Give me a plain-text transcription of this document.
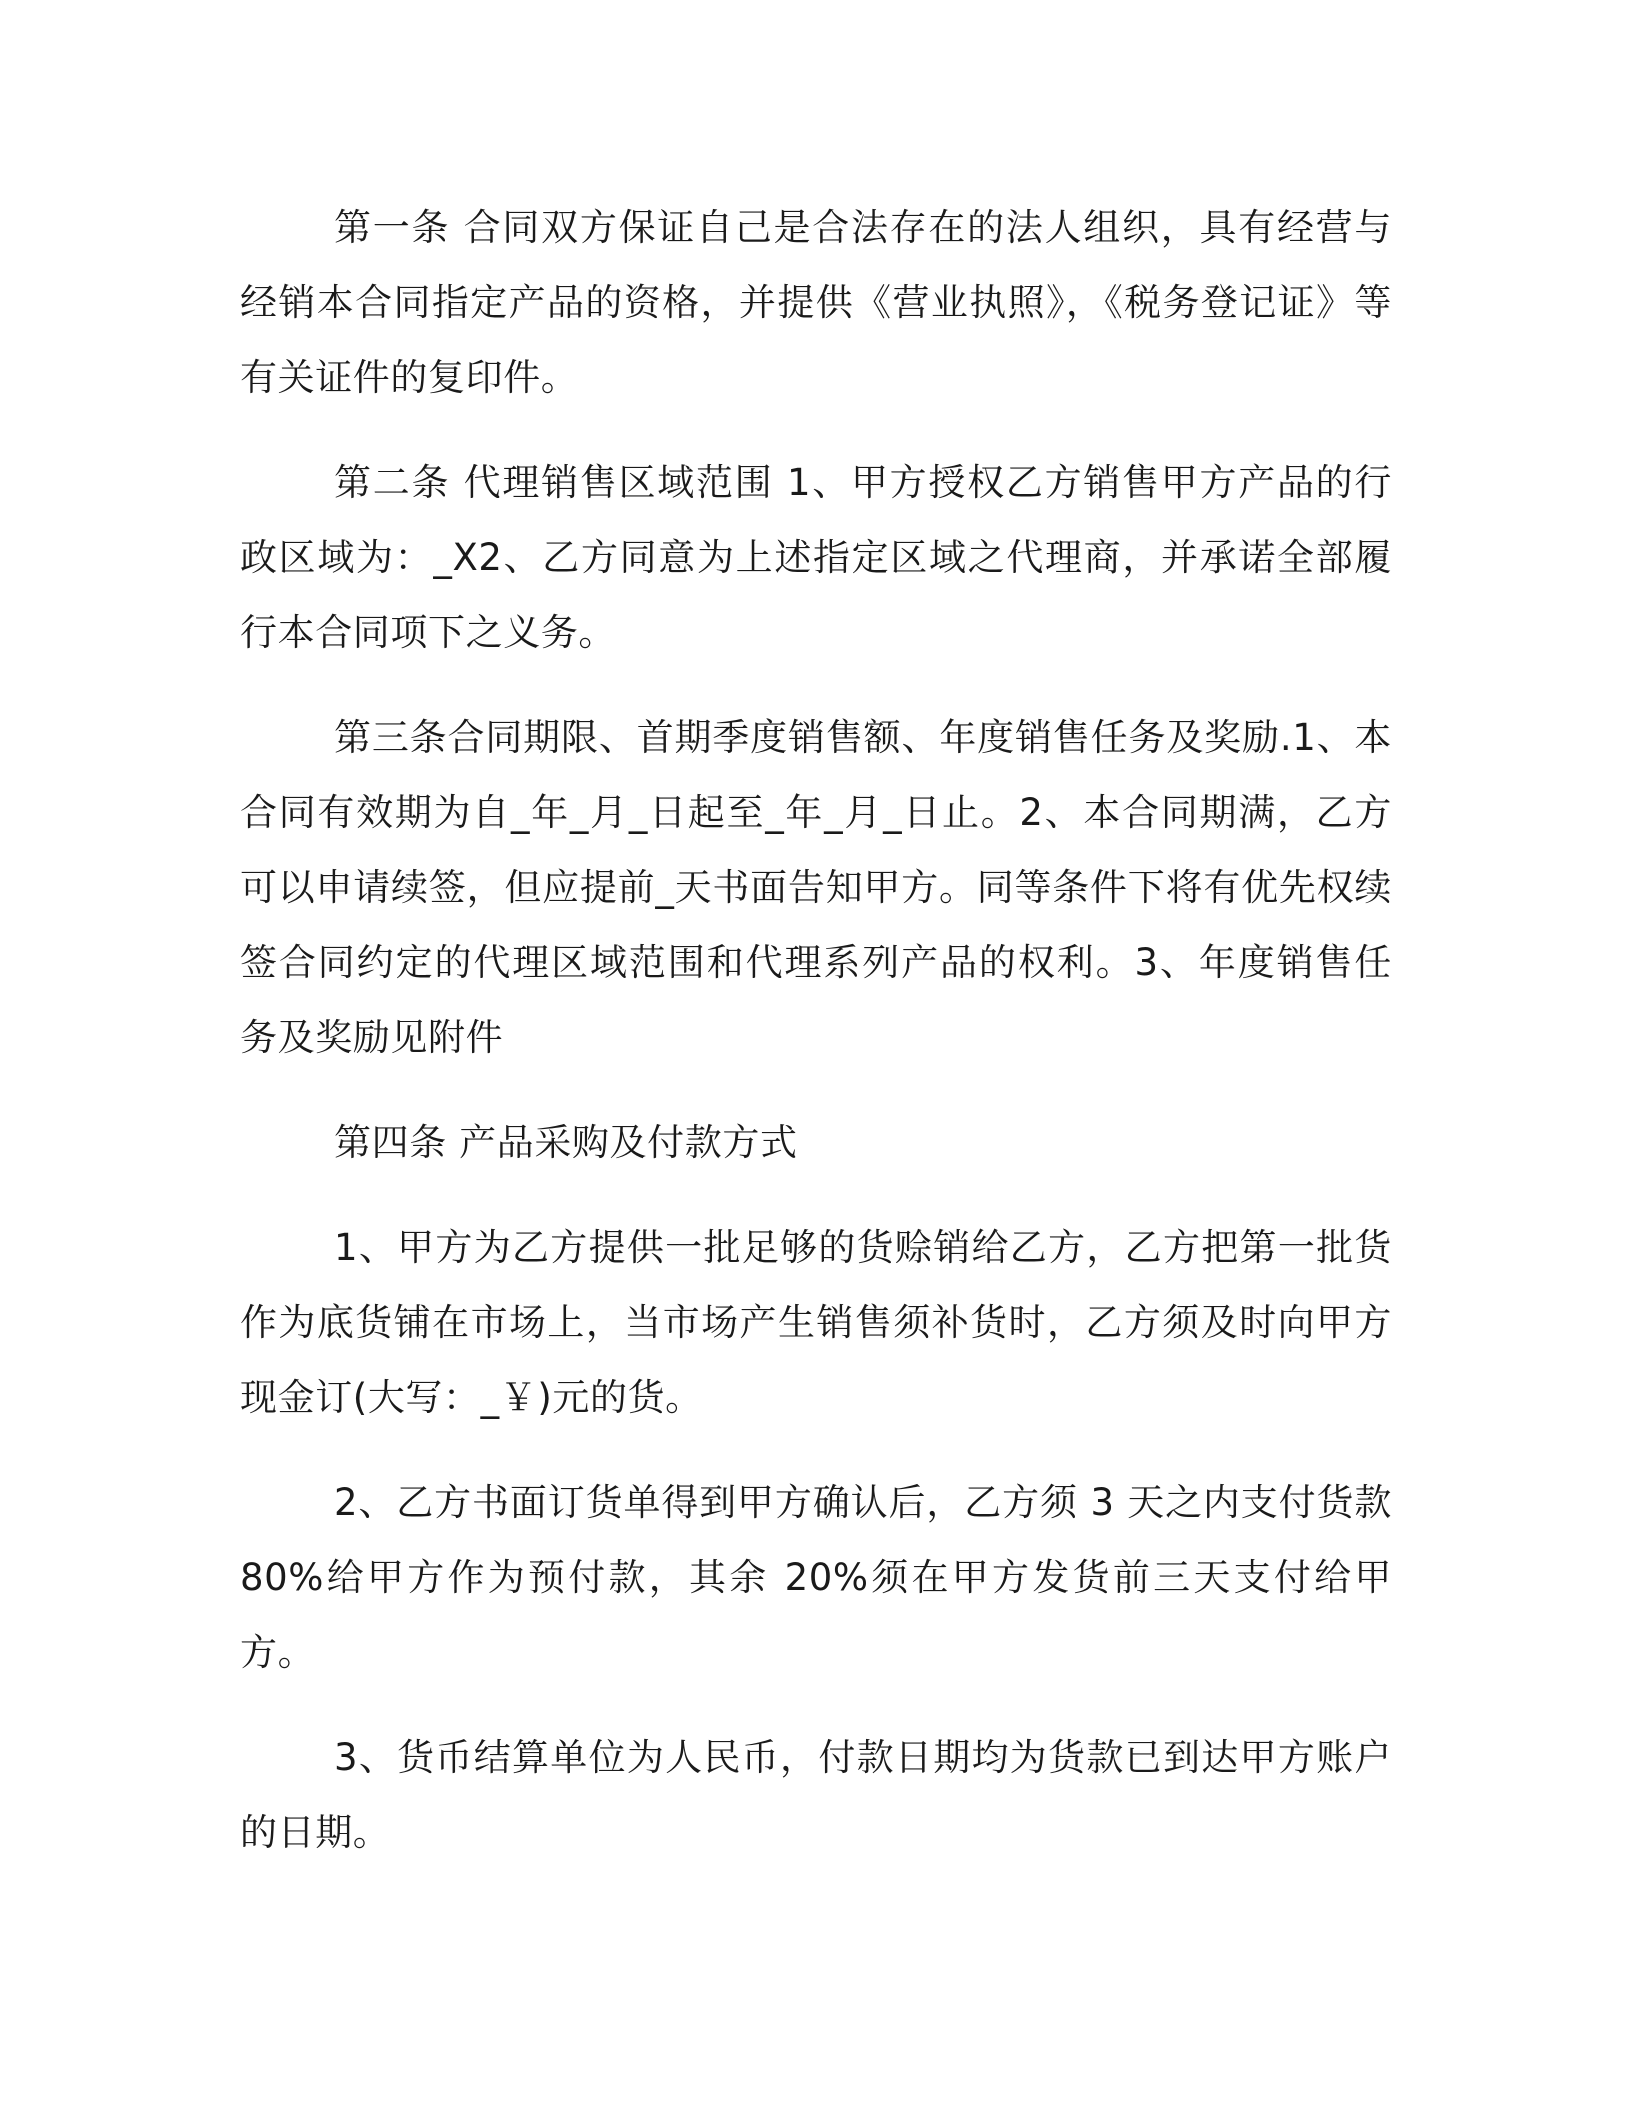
第一条 合同双方保证自己是合法存在的法人组织，具有经营与经销本合同指定产品的资格，并提供《营业执照》，《税务登记证》等有关证件的复印件。

第二条 代理销售区域范围 1、甲方授权乙方销售甲方产品的行政区域为：_X2、乙方同意为上述指定区域之代理商，并承诺全部履行本合同项下之义务。

第三条合同期限、首期季度销售额、年度销售任务及奖励.1、本合同有效期为自_年_月_日起至_年_月_日止。2、本合同期满，乙方可以申请续签，但应提前_天书面告知甲方。同等条件下将有优先权续签合同约定的代理区域范围和代理系列产品的权利。3、年度销售任务及奖励见附件

第四条 产品采购及付款方式

1、甲方为乙方提供一批足够的货赊销给乙方，乙方把第一批货作为底货铺在市场上，当市场产生销售须补货时，乙方须及时向甲方现金订(大写：_￥)元的货。

2、乙方书面订货单得到甲方确认后，乙方须 3 天之内支付货款 80%给甲方作为预付款，其余 20%须在甲方发货前三天支付给甲方。

3、货币结算单位为人民币，付款日期均为货款已到达甲方账户的日期。
